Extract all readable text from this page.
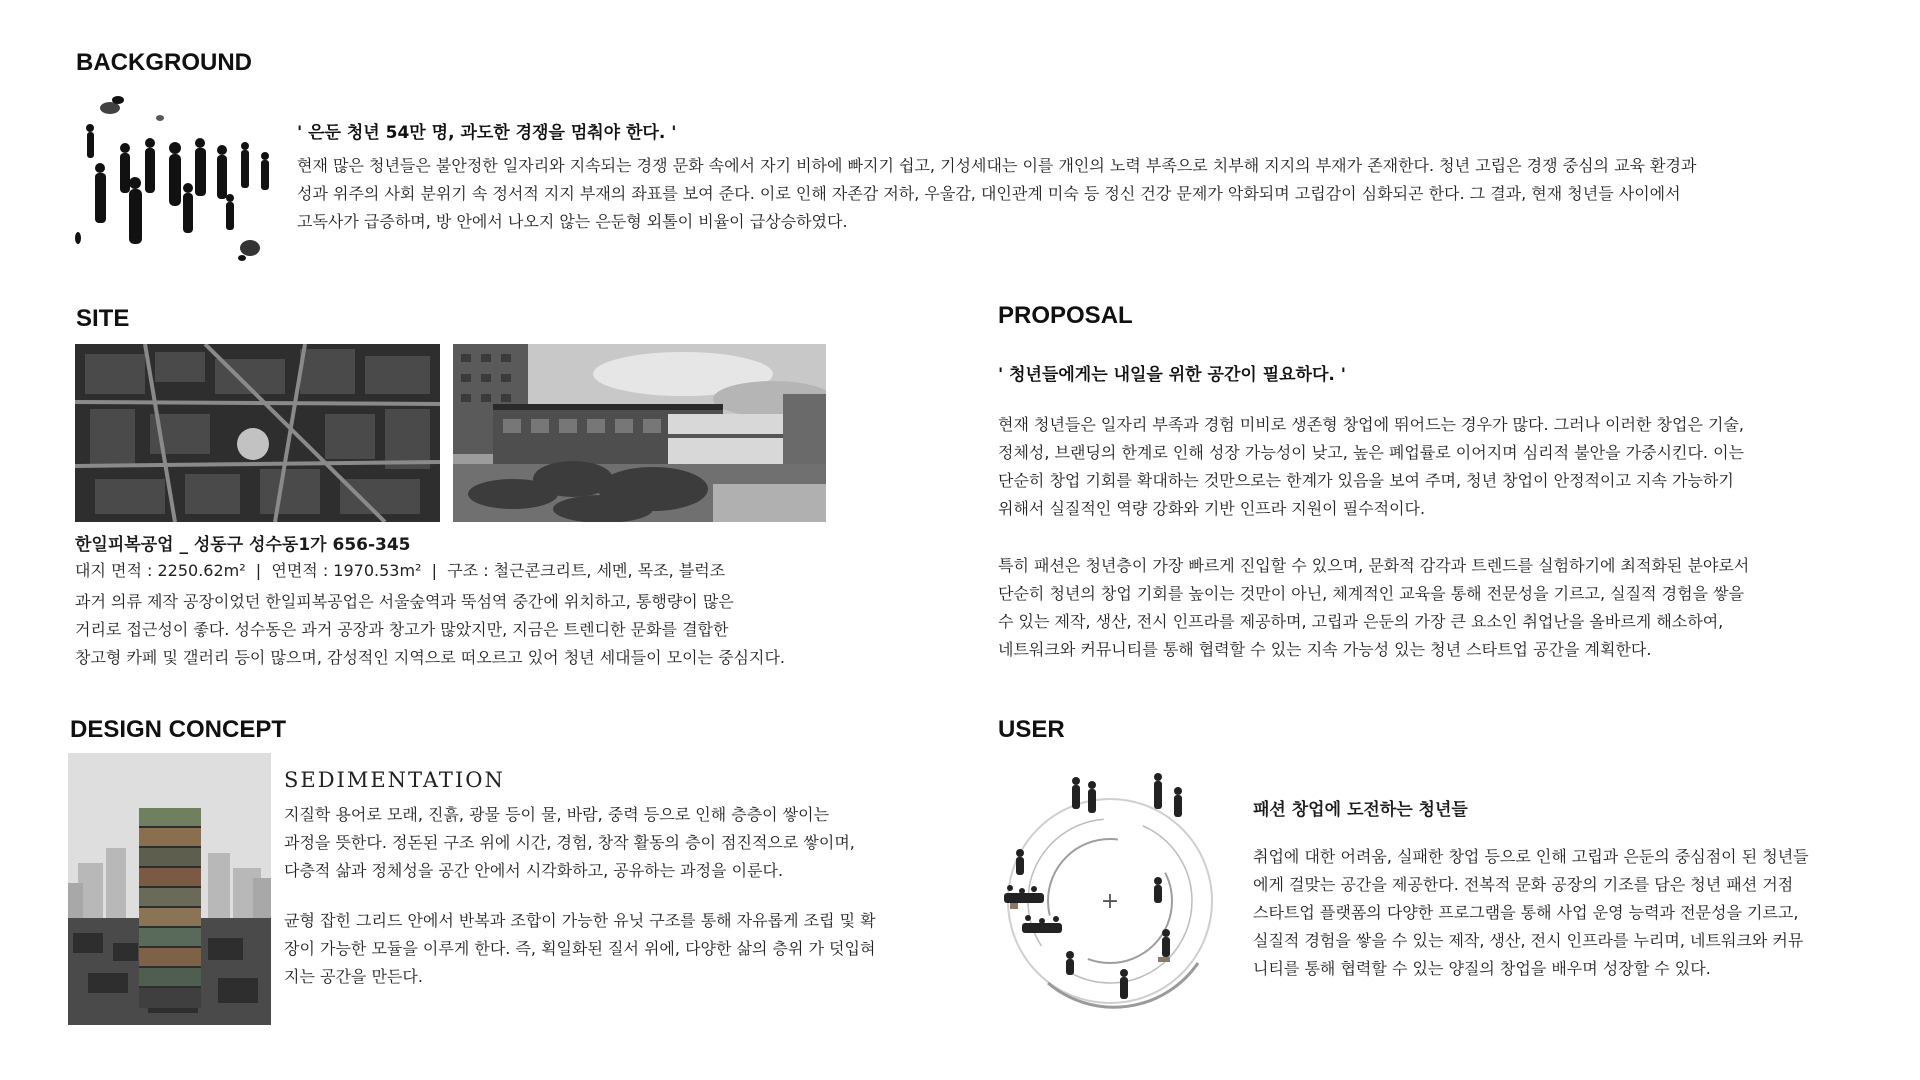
BACKGROUND
' 은둔 청년 54만 명, 과도한 경쟁을 멈춰야 한다. '
현재 많은 청년들은 불안정한 일자리와 지속되는 경쟁 문화 속에서 자기 비하에 빠지기 쉽고, 기성세대는 이를 개인의 노력 부족으로 치부해 지지의 부재가 존재한다. 청년 고립은 경쟁 중심의 교육 환경과
성과 위주의 사회 분위기 속 정서적 지지 부재의 좌표를 보여 준다. 이로 인해 자존감 저하, 우울감, 대인관계 미숙 등 정신 건강 문제가 악화되며 고립감이 심화되곤 한다. 그 결과, 현재 청년들 사이에서
고독사가 급증하며, 방 안에서 나오지 않는 은둔형 외톨이 비율이 급상승하였다.
SITE
한일피복공업 _ 성동구 성수동1가 656-345
대지 면적 : 2250.62m²  |  연면적 : 1970.53m²  |  구조 : 철근콘크리트, 세멘, 목조, 블럭조
과거 의류 제작 공장이었던 한일피복공업은 서울숲역과 뚝섬역 중간에 위치하고, 통행량이 많은
거리로 접근성이 좋다. 성수동은 과거 공장과 창고가 많았지만, 지금은 트렌디한 문화를 결합한
창고형 카페 및 갤러리 등이 많으며, 감성적인 지역으로 떠오르고 있어 청년 세대들이 모이는 중심지다.
PROPOSAL
' 청년들에게는 내일을 위한 공간이 필요하다. '
현재 청년들은 일자리 부족과 경험 미비로 생존형 창업에 뛰어드는 경우가 많다. 그러나 이러한 창업은 기술,
정체성, 브랜딩의 한계로 인해 성장 가능성이 낮고, 높은 폐업률로 이어지며 심리적 불안을 가중시킨다. 이는
단순히 창업 기회를 확대하는 것만으로는 한계가 있음을 보여 주며, 청년 창업이 안정적이고 지속 가능하기
위해서 실질적인 역량 강화와 기반 인프라 지원이 필수적이다.
특히 패션은 청년층이 가장 빠르게 진입할 수 있으며, 문화적 감각과 트렌드를 실험하기에 최적화된 분야로서
단순히 청년의 창업 기회를 높이는 것만이 아닌, 체계적인 교육을 통해 전문성을 기르고, 실질적 경험을 쌓을
수 있는 제작, 생산, 전시 인프라를 제공하며, 고립과 은둔의 가장 큰 요소인 취업난을 올바르게 해소하여,
네트워크와 커뮤니티를 통해 협력할 수 있는 지속 가능성 있는 청년 스타트업 공간을 계획한다.
DESIGN CONCEPT
SEDIMENTATION
지질학 용어로 모래, 진흙, 광물 등이 물, 바람, 중력 등으로 인해 층층이 쌓이는
과정을 뜻한다. 정돈된 구조 위에 시간, 경험, 창작 활동의 층이 점진적으로 쌓이며,
다층적 삶과 정체성을 공간 안에서 시각화하고, 공유하는 과정을 이룬다.
균형 잡힌 그리드 안에서 반복과 조합이 가능한 유닛 구조를 통해 자유롭게 조립 및 확
장이 가능한 모듈을 이루게 한다. 즉, 획일화된 질서 위에, 다양한 삶의 층위 가 덧입혀
지는 공간을 만든다.
USER
+
패션 창업에 도전하는 청년들
취업에 대한 어려움, 실패한 창업 등으로 인해 고립과 은둔의 중심점이 된 청년들
에게 걸맞는 공간을 제공한다. 전복적 문화 공장의 기조를 담은 청년 패션 거점
스타트업 플랫폼의 다양한 프로그램을 통해 사업 운영 능력과 전문성을 기르고,
실질적 경험을 쌓을 수 있는 제작, 생산, 전시 인프라를 누리며, 네트워크와 커뮤
니티를 통해 협력할 수 있는 양질의 창업을 배우며 성장할 수 있다.
